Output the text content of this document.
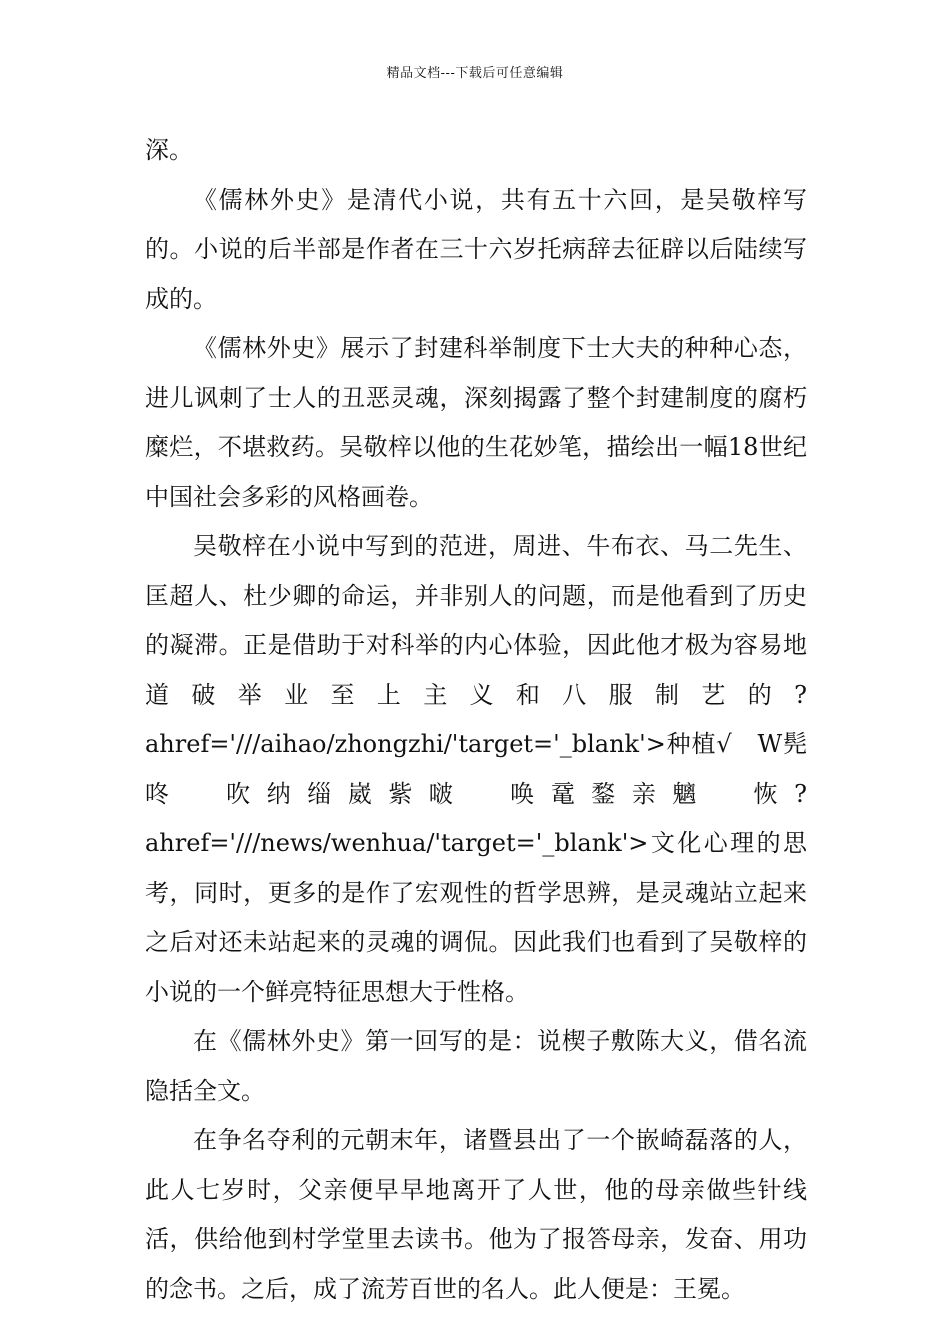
精品文档---下载后可任意编辑

深。

《儒林外史》是清代小说，共有五十六回，是吴敬梓写的。小说的后半部是作者在三十六岁托病辞去征辟以后陆续写成的。

《儒林外史》展示了封建科举制度下士大夫的种种心态，进儿讽刺了士人的丑恶灵魂，深刻揭露了整个封建制度的腐朽糜烂，不堪救药。吴敬梓以他的生花妙笔，描绘出一幅18世纪中国社会多彩的风格画卷。

吴敬梓在小说中写到的范进，周进、牛布衣、马二先生、匡超人、杜少卿的命运，并非别人的问题，而是他看到了历史的凝滞。正是借助于对科举的内心体验，因此他才极为容易地道破举业至上主义和八服制艺的?ahref='///aihao/zhongzhi/'target='_blank'>种植√　W髡咚　吹纳缁崴紫啵　唤鼋鍪亲魑　恢?ahref='///news/wenhua/'target='_blank'>文化心理的思考，同时，更多的是作了宏观性的哲学思辨，是灵魂站立起来之后对还未站起来的灵魂的调侃。因此我们也看到了吴敬梓的小说的一个鲜亮特征思想大于性格。

在《儒林外史》第一回写的是：说楔子敷陈大义，借名流隐括全文。

在争名夺利的元朝末年，诸暨县出了一个嵌崎磊落的人，此人七岁时，父亲便早早地离开了人世，他的母亲做些针线活，供给他到村学堂里去读书。他为了报答母亲，发奋、用功的念书。之后，成了流芳百世的名人。此人便是：王冕。
